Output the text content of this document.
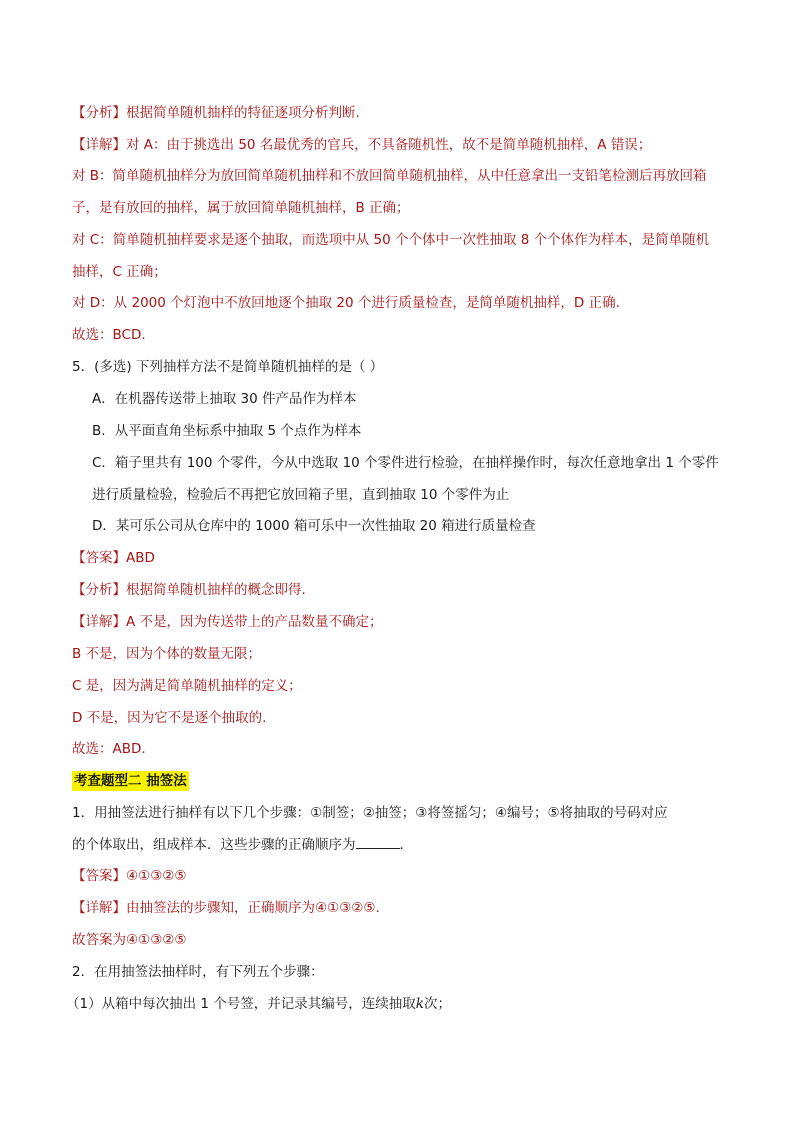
【分析】根据简单随机抽样的特征逐项分析判断.
【详解】对 A：由于挑选出 50 名最优秀的官兵，不具备随机性，故不是简单随机抽样，A 错误；
对 B：简单随机抽样分为放回简单随机抽样和不放回简单随机抽样，从中任意拿出一支铅笔检测后再放回箱
子，是有放回的抽样，属于放回简单随机抽样，B 正确；
对 C：简单随机抽样要求是逐个抽取，而选项中从 50 个个体中一次性抽取 8 个个体作为样本，是简单随机
抽样，C 正确；
对 D：从 2000 个灯泡中不放回地逐个抽取 20 个进行质量检查，是简单随机抽样，D 正确.
故选：BCD.
5．(多选) 下列抽样方法不是简单随机抽样的是（ ）
A．在机器传送带上抽取 30 件产品作为样本
B．从平面直角坐标系中抽取 5 个点作为样本
C．箱子里共有 100 个零件，今从中选取 10 个零件进行检验，在抽样操作时，每次任意地拿出 1 个零件
进行质量检验，检验后不再把它放回箱子里，直到抽取 10 个零件为止
D．某可乐公司从仓库中的 1000 箱可乐中一次性抽取 20 箱进行质量检查
【答案】ABD
【分析】根据简单随机抽样的概念即得.
【详解】A 不是，因为传送带上的产品数量不确定；
B 不是，因为个体的数量无限；
C 是，因为满足简单随机抽样的定义；
D 不是，因为它不是逐个抽取的.
故选：ABD.
考查题型二 抽签法
1．用抽签法进行抽样有以下几个步骤：①制签；②抽签；③将签摇匀；④编号；⑤将抽取的号码对应
的个体取出，组成样本．这些步骤的正确顺序为	．
【答案】④①③②⑤
【详解】由抽签法的步骤知，正确顺序为④①③②⑤.
故答案为④①③②⑤
2．在用抽签法抽样时，有下列五个步骤：
（1）从箱中每次抽出 1 个号签，并记录其编号，连续抽取k次；
